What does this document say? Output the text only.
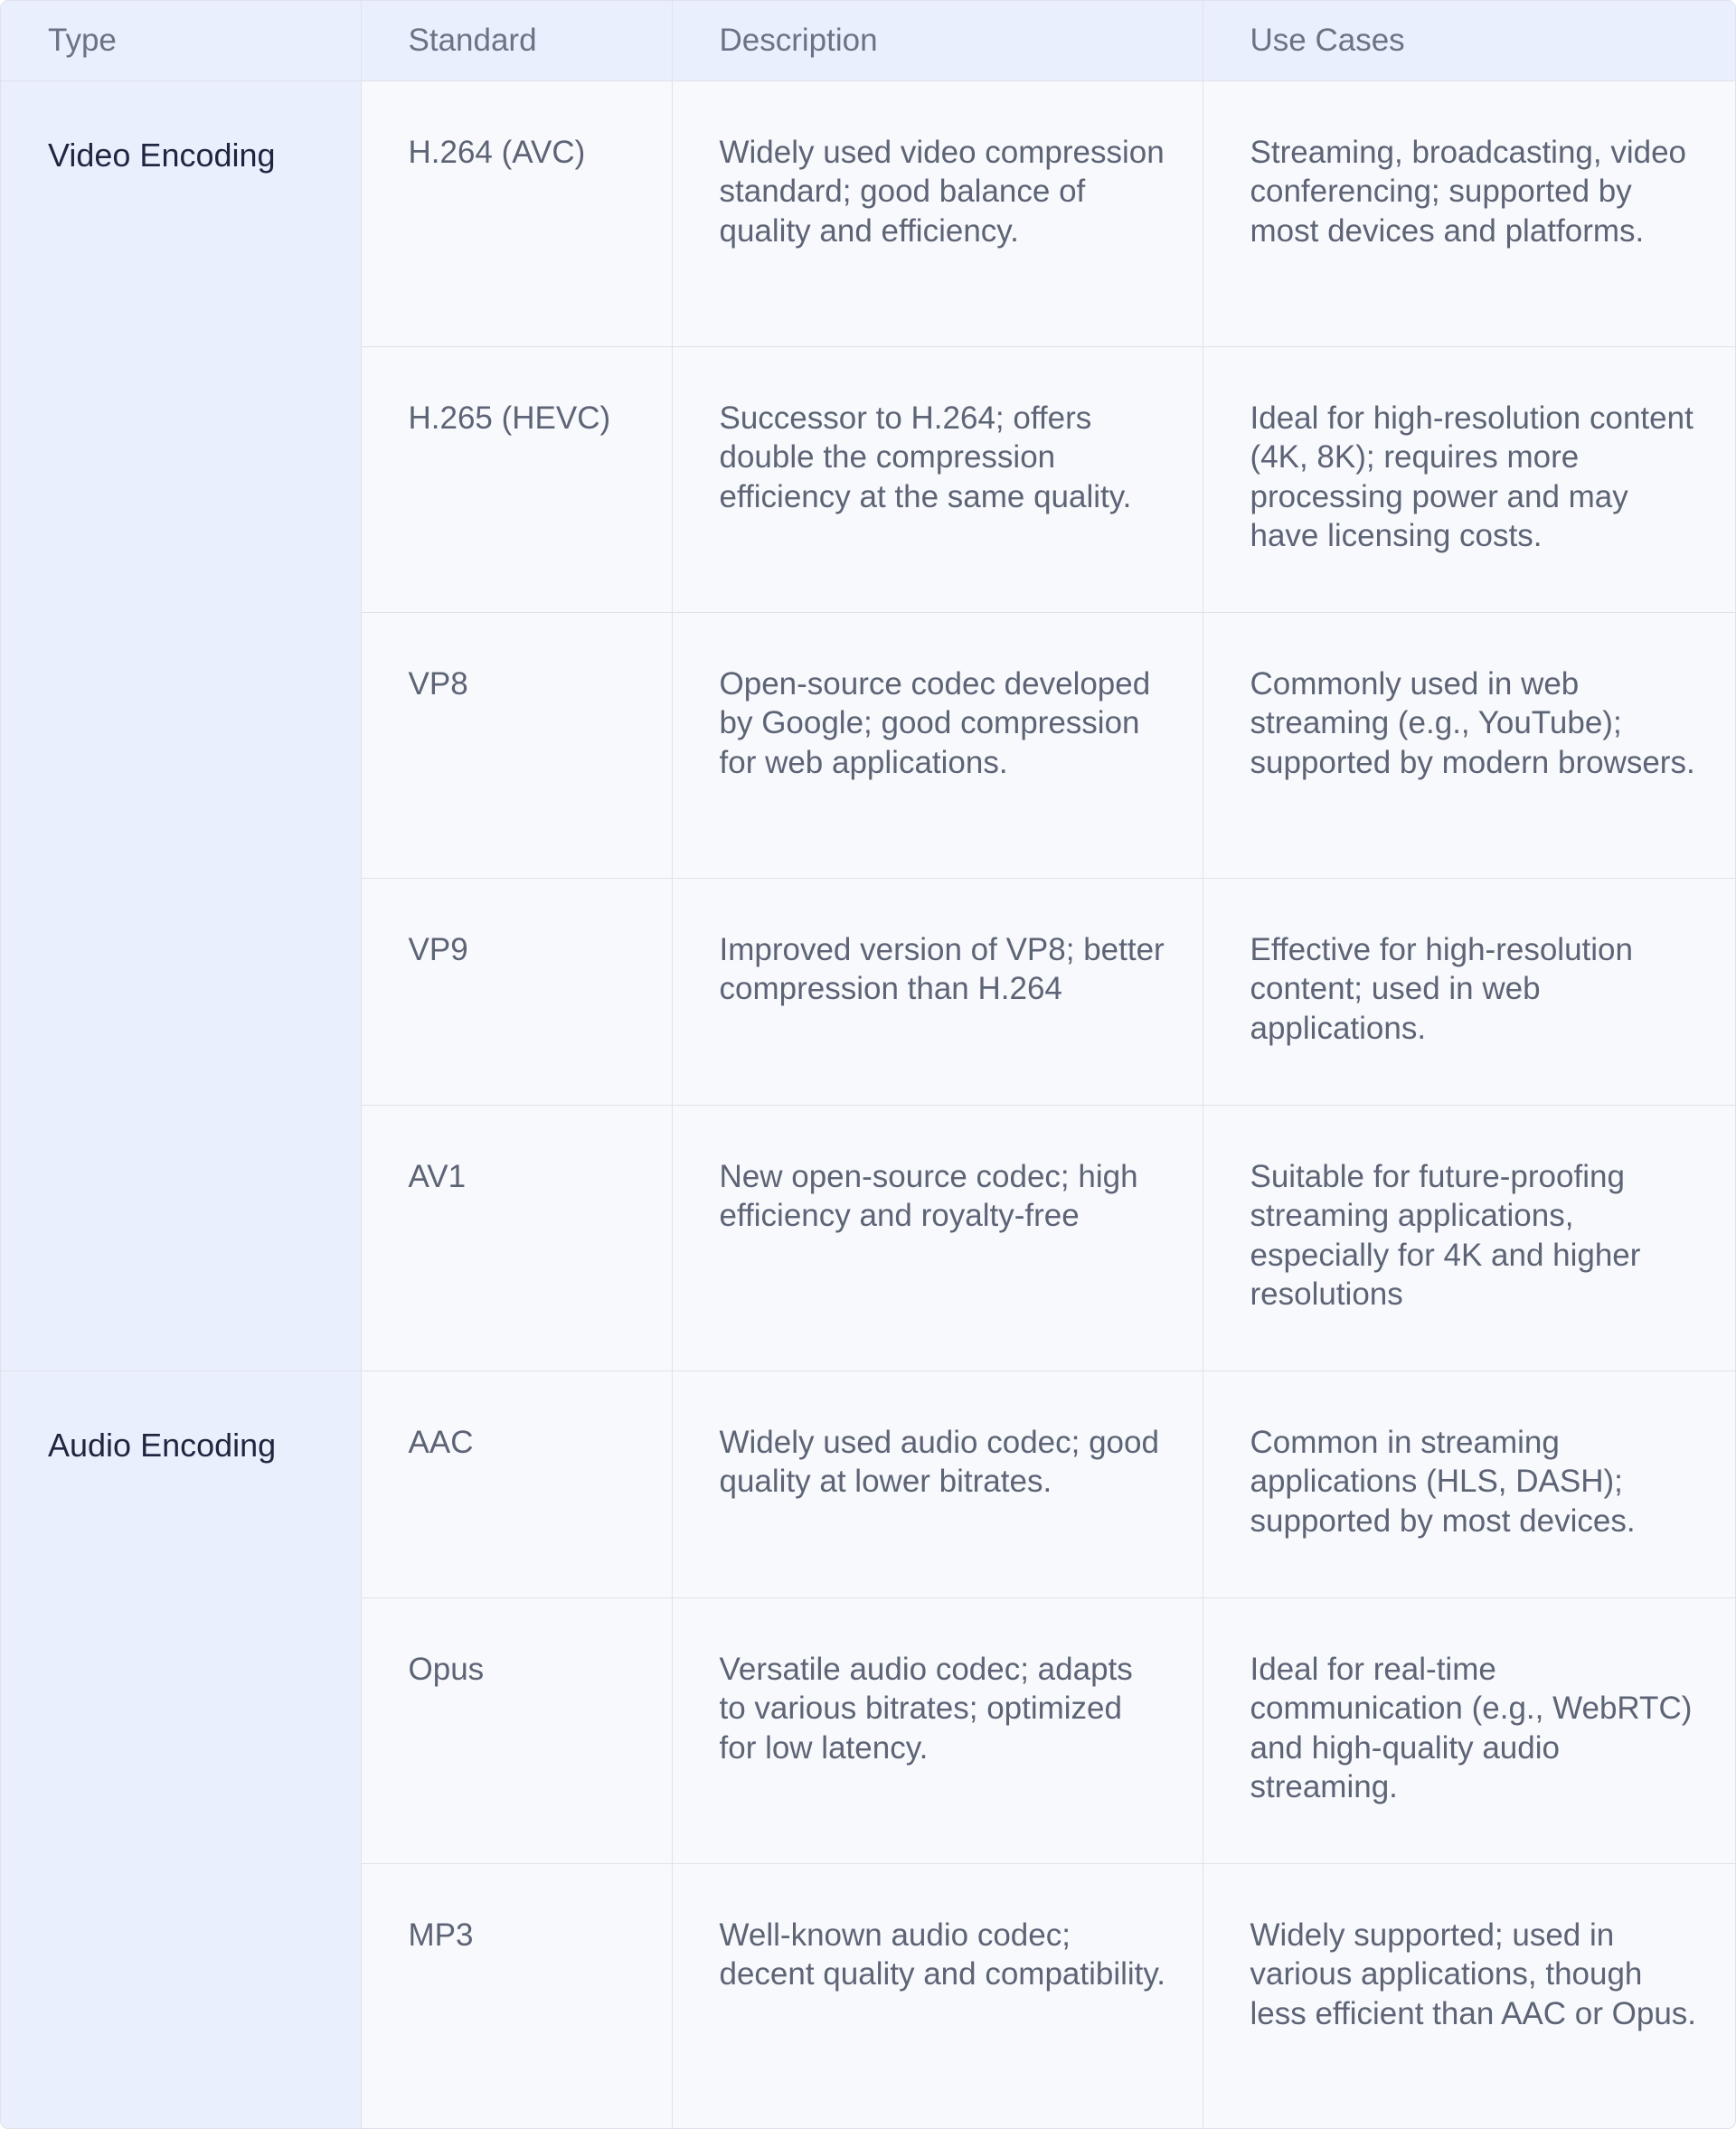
Type	Standard	Description	Use Cases
Video Encoding	H.264 (AVC)	Widely used video compression standard; good balance of quality and efficiency.	Streaming, broadcasting, video conferencing; supported by most devices and platforms.
	H.265 (HEVC)	Successor to H.264; offers double the compression efficiency at the same quality.	Ideal for high-resolution content (4K, 8K); requires more processing power and may have licensing costs.
	VP8	Open-source codec developed by Google; good compression for web applications.	Commonly used in web streaming (e.g., YouTube); supported by modern browsers.
	VP9	Improved version of VP8; better compression than H.264	Effective for high-resolution content; used in web applications.
	AV1	New open-source codec; high efficiency and royalty-free	Suitable for future-proofing streaming applications, especially for 4K and higher resolutions
Audio Encoding	AAC	Widely used audio codec; good quality at lower bitrates.	Common in streaming applications (HLS, DASH); supported by most devices.
	Opus	Versatile audio codec; adapts to various bitrates; optimized for low latency.	Ideal for real-time communication (e.g., WebRTC) and high-quality audio streaming.
	MP3	Well-known audio codec; decent quality and compatibility.	Widely supported; used in various applications, though less efficient than AAC or Opus.
